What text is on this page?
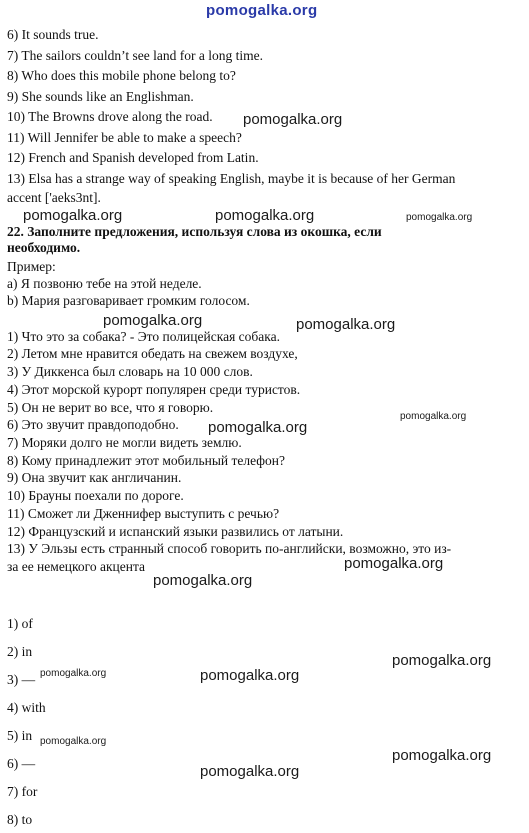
pomogalka.org
6) It sounds true.
7) The sailors couldn’t see land for a long time.
8) Who does this mobile phone belong to?
9) She sounds like an Englishman.
10) The Browns drove along the road.
11) Will Jennifer be able to make a speech?
12) French and Spanish developed from Latin.
13) Elsa has a strange way of speaking English, maybe it is because of her German
accent ['aeks3nt].
22. Заполните предложения, используя слова из окошка, если
необходимо.
Пример:
а) Я позвоню тебе на этой неделе.
b) Мария разговаривает громким голосом.
1) Что это за собака? - Это полицейская собака.
2) Летом мне нравится обедать на свежем воздухе,
3) У Диккенса был словарь на 10 000 слов.
4) Этот морской курорт популярен среди туристов.
5) Он не верит во все, что я говорю.
6) Это звучит правдоподобно.
7) Моряки долго не могли видеть землю.
8) Кому принадлежит этот мобильный телефон?
9) Она звучит как англичанин.
10) Брауны поехали по дороге.
11) Сможет ли Дженнифер выступить с речью?
12) Французский и испанский языки развились от латыни.
13) У Эльзы есть странный способ говорить по-английски, возможно, это из-
за ее немецкого акцента
1) of
2) in
3) —
4) with
5) in
6) —
7) for
8) to
pomogalka.org
pomogalka.org	pomogalka.org	pomogalka.org
pomogalka.org	pomogalka.org
pomogalka.org
pomogalka.org
pomogalka.org
pomogalka.org
pomogalka.org
pomogalka.org	pomogalka.org
pomogalka.org
pomogalka.org
pomogalka.org
